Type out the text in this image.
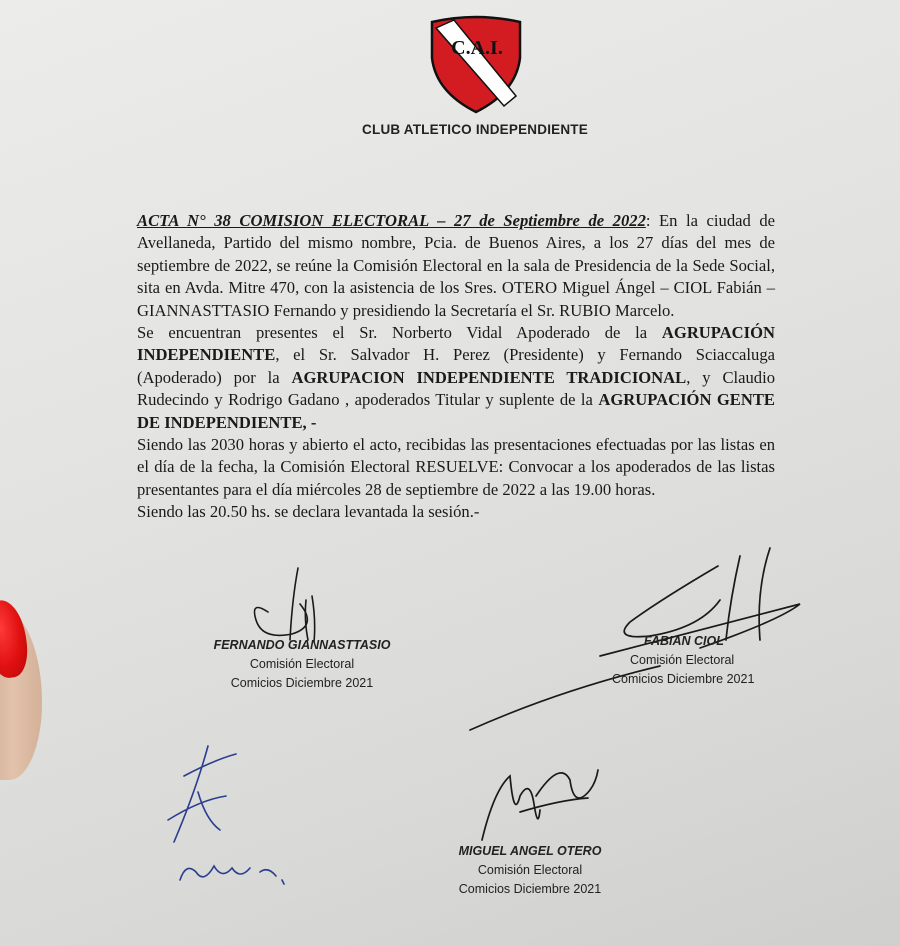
C.A.I.
CLUB ATLETICO INDEPENDIENTE

ACTA N° 38 COMISION ELECTORAL – 27 de Septiembre de 2022: En la ciudad de Avellaneda, Partido del mismo nombre, Pcia. de Buenos Aires, a los 27 días del mes de septiembre de 2022, se reúne la Comisión Electoral en la sala de Presidencia de la Sede Social, sita en Avda. Mitre 470, con la asistencia de los Sres. OTERO Miguel Ángel – CIOL Fabián – GIANNASTTASIO Fernando y presidiendo la Secretaría el Sr. RUBIO Marcelo.

Se encuentran presentes el Sr. Norberto Vidal Apoderado de la AGRUPACIÓN INDEPENDIENTE, el Sr. Salvador H. Perez (Presidente) y Fernando Sciaccaluga (Apoderado) por la AGRUPACION INDEPENDIENTE TRADICIONAL, y Claudio Rudecindo y Rodrigo Gadano , apoderados Titular y suplente de la AGRUPACIÓN GENTE DE INDEPENDIENTE, -

Siendo las 2030 horas y abierto el acto, recibidas las presentaciones efectuadas por las listas en el día de la fecha, la Comisión Electoral RESUELVE: Convocar a los apoderados de las listas presentantes para el día miércoles 28 de septiembre de 2022 a las 19.00 horas.

Siendo las 20.50 hs. se declara levantada la sesión.-

FERNANDO GIANNASTTASIO
Comisión Electoral
Comicios Diciembre 2021
FABIAN CIOL
Comisión Electoral
Comicios Diciembre 2021
MIGUEL ANGEL OTERO
Comisión Electoral
Comicios Diciembre 2021
